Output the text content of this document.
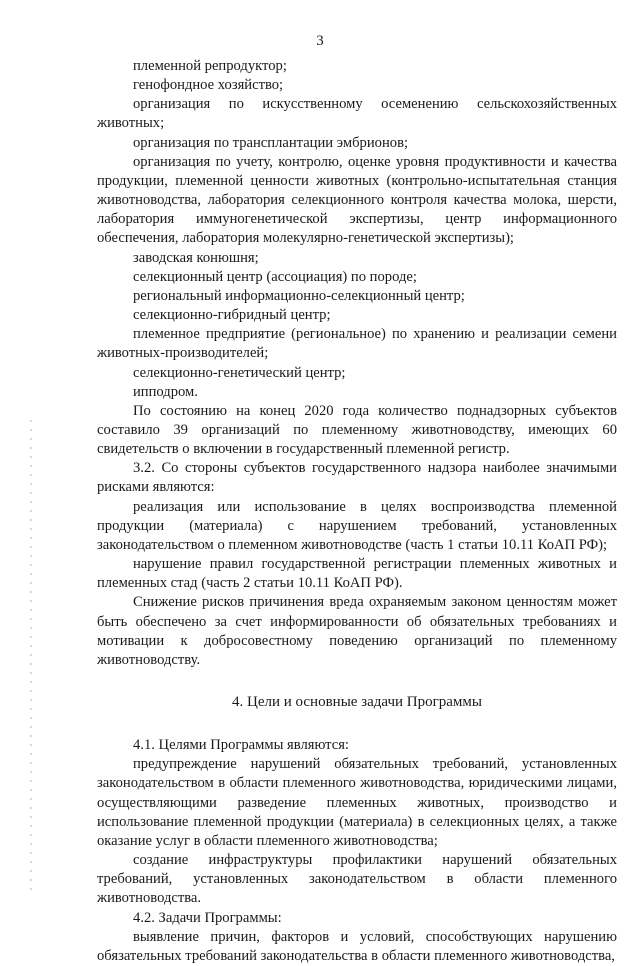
3

племенной репродуктор;

генофондное хозяйство;

организация по искусственному осеменению сельскохозяйственных животных;

организация по трансплантации эмбрионов;

организация по учету, контролю, оценке уровня продуктивности и качества продукции, племенной ценности животных (контрольно-испытательная станция животноводства, лаборатория селекционного контроля качества молока, шерсти, лаборатория иммуногенетической экспертизы, центр информационного обеспечения, лаборатория молекулярно-генетической экспертизы);

заводская конюшня;

селекционный центр (ассоциация) по породе;

региональный информационно-селекционный центр;

селекционно-гибридный центр;

племенное предприятие (региональное) по хранению и реализации семени животных-производителей;

селекционно-генетический центр;

ипподром.

По состоянию на конец 2020 года количество поднадзорных субъектов составило 39 организаций по племенному животноводству, имеющих 60 свидетельств о включении в государственный племенной регистр.

3.2. Со стороны субъектов государственного надзора наиболее значимыми рисками являются:

реализация или использование в целях воспроизводства племенной продукции (материала) с нарушением требований, установленных законодательством о племенном животноводстве (часть 1 статьи 10.11 КоАП РФ);

нарушение правил государственной регистрации племенных животных и племенных стад (часть 2 статьи 10.11 КоАП РФ).

Снижение рисков причинения вреда охраняемым законом ценностям может быть обеспечено за счет информированности об обязательных требованиях и мотивации к добросовестному поведению организаций по племенному животноводству.

4. Цели и основные задачи Программы

4.1. Целями Программы являются:

предупреждение нарушений обязательных требований, установленных законодательством в области племенного животноводства, юридическими лицами, осуществляющими разведение племенных животных, производство и использование племенной продукции (материала) в селекционных целях, а также оказание услуг в области племенного животноводства;

создание инфраструктуры профилактики нарушений обязательных требований, установленных законодательством в области племенного животноводства.

4.2. Задачи Программы:

выявление причин, факторов и условий, способствующих нарушению обязательных требований законодательства в области племенного животноводства,
